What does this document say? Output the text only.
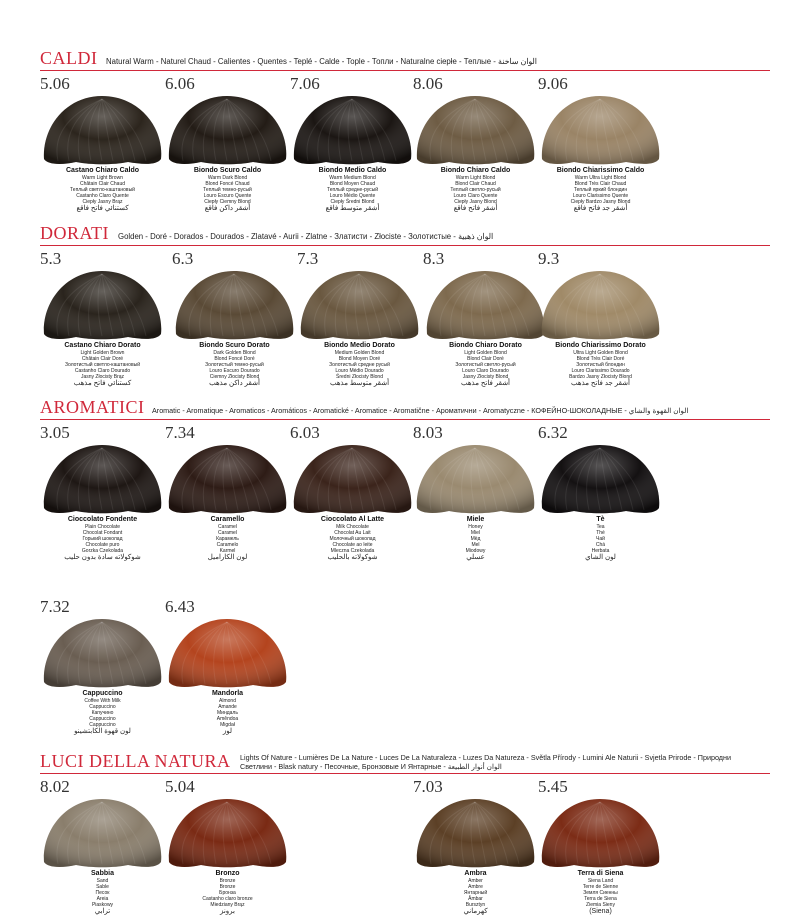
CALDI Natural Warm - Naturel Chaud - Calientes - Quentes - Teplé - Calde - Tople - Топли - Naturalne ciepłe - Теплые - الوان ساخنة
5.06
Castano Chiaro Caldo
Warm Light Brown
Châtain Clair Chaud
Теплый светло-каштановый
Castanho Claro Quente
Ciepły Jasny Brąz
كستنائي فاتح فاقع
6.06
Biondo Scuro Caldo
Warm Dark Blond
Blond Foncé Chaud
Теплый темно-русый
Louro Escuro Quente
Ciepły Ciemny Blond
أشقر داكن فاقع
7.06
Biondo Medio Caldo
Warm Medium Blond
Blond Moyen Chaud
Теплый средне-русый
Louro Médio Quente
Ciepły Średni Blond
أشقر متوسط فاقع
8.06
Biondo Chiaro Caldo
Warm Light Blond
Blond Clair Chaud
Теплый светло-русый
Louro Claro Quente
Ciepły Jasny Blond
أشقر فاتح فاقع
9.06
Biondo Chiarissimo Caldo
Warm Ultra Light Blond
Blond Très Clair Chaud
Теплый яркий блондин
Louro Clarissimo Quente
Ciepły Bardzo Jasny Blond
أشقر جد فاتح فاقع
DORATI Golden - Doré - Dorados - Dourados - Zlatavé - Aurii - Zlatne - Златисти - Złociste - Золотистые - الوان ذهبية
5.3
Castano Chiaro Dorato
Light Golden Brown
Châtain Clair Doré
Золотистый светло-каштановый
Castanho Claro Dourado
Jasny Złocisty Brąz
كستنائي فاتح مذهب
6.3
Biondo Scuro Dorato
Dark Golden Blond
Blond Foncé Doré
Золотистый темно-русый
Louro Escuro Dourado
Ciemny Złocisty Blond
أشقر داكن مذهب
7.3
Biondo Medio Dorato
Medium Golden Blond
Blond Moyen Doré
Золотистый средне русый
Louro Médio Dourado
Średni Złocisty Blond
أشقر متوسط مذهب
8.3
Biondo Chiaro Dorato
Light Golden Blond
Blond Clair Doré
Золотистый светло-русый
Louro Claro Dourado
Jasny Złocisty Blond
أشقر فاتح مذهب
9.3
Biondo Chiarissimo Dorato
Ultra Light Golden Blond
Blond Très Clair Doré
Золотистый блондин
Louro Clarissimo Dourado
Bardzo Jasny Złocisty Blond
أشقر جد فاتح مذهب
AROMATICI Aromatic - Aromatique - Aromaticos - Aromáticos - Aromatické - Aromatice - Aromatične - Ароматични - Aromatyczne - КОФЕЙНО-ШОКОЛАДНЫЕ - الوان القهوة والشاي
3.05
Cioccolato Fondente
Plain Chocolate
Chocolat Fondant
Горький шоколад
Chocolate puro
Gorzka Czekolada
شوكولاته سادة بدون حليب
7.34
Caramello
Caramel
Caramel
Карамель
Caramelo
Karmel
لون الكاراميل
6.03
Cioccolato Al Latte
Milk Chocolate
Chocolat Au Lait
Молочный шоколад
Chocolate ao leite
Mleczna Czekolada
شوكولاته بالحليب
8.03
Miele
Honey
Miel
Мёд
Mel
Miodowy
عسلي
6.32
Tè
Tea
Thé
Чай
Chá
Herbata
لون الشاي
7.32
Cappuccino
Coffee With Milk
Cappuccino
Капучино
Cappuccino
Cappuccino
لون قهوة الكابتشينو
6.43
Mandorla
Almond
Amande
Миндаль
Amêndoa
Migdał
لوز
LUCI DELLA NATURA Lights Of Nature - Lumières De La Nature - Luces De La Naturaleza - Luzes Da Natureza - Světla Přírody - Lumini Ale Naturii - Svjetla Prirode - Природни Светлини - Blask natury - Песочные, Бронзовые И Янтарные - الوان أنوار الطبيعة
8.02
Sabbia
Sand
Sable
Песок
Areia
Piaskowy
ترابي
5.04
Bronzo
Bronze
Bronze
Бронза
Castanho claro bronze
Miedziany Brąz
برونز
7.03
Ambra
Amber
Ambre
Янтарный
Âmbar
Bursztyn
كهرماني
5.45
Terra di Siena
Siena Land
Terre de Sienne
Земля Сиенны
Terra de Siena
Ziemia Sieny
(Siena)
